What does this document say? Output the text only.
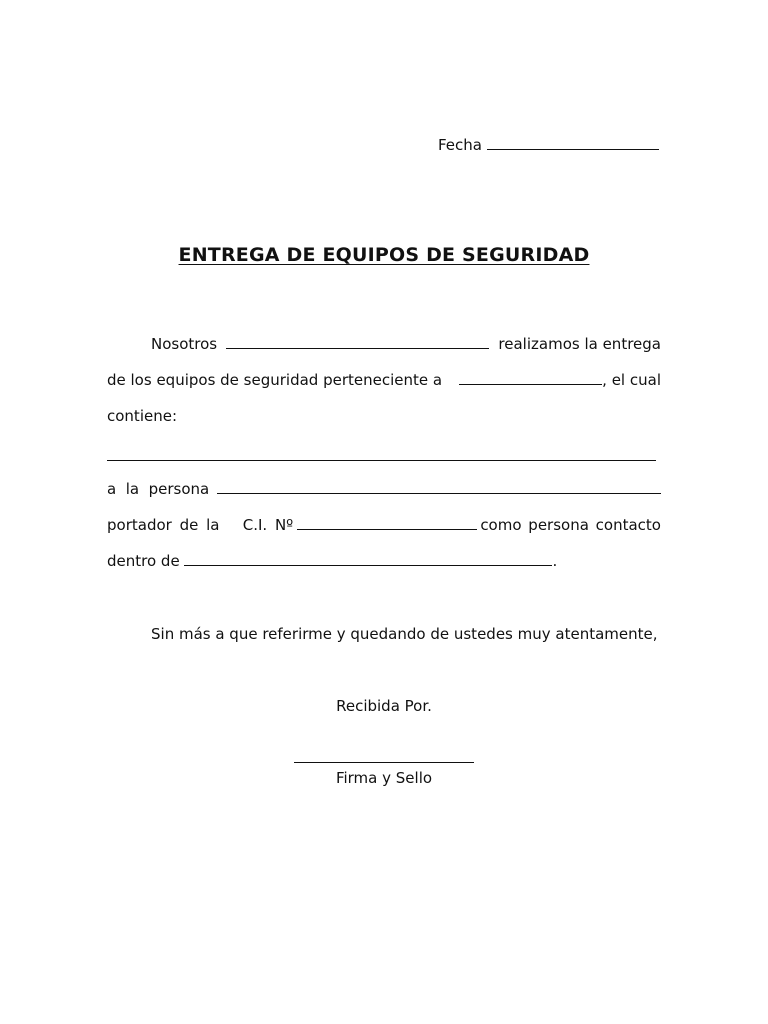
Fecha
ENTREGA DE EQUIPOS DE SEGURIDAD
Nosotros	realizamos la entrega
de los equipos de seguridad perteneciente a	, el cual
contiene:
a  la  persona
portador de la   C.I. Nº	como persona contacto
dentro de	.
Sin más a que referirme y quedando de ustedes muy atentamente,
Recibida Por.
Firma y Sello
